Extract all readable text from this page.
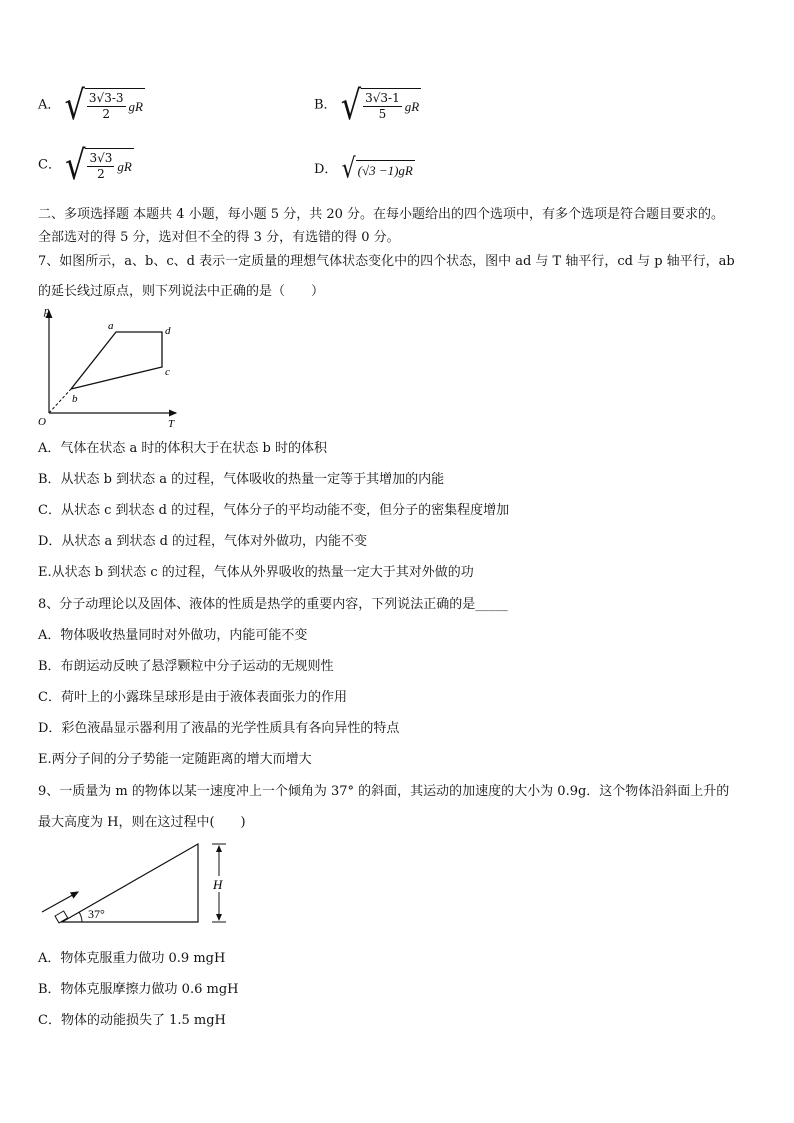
A． √ $\frac{3√3-3}{2}$ gR	B． √ $\frac{3√3-1}{5}$ gR
C． √ $\frac{3√3}{2}$ gR	D． √ (√3 −1)gR
二、多项选择题 本题共 4 小题，每小题 5 分，共 20 分。在每小题给出的四个选项中，有多个选项是符合题目要求的。
全部选对的得 5 分，选对但不全的得 3 分，有选错的得 0 分。
7、如图所示，a、b、c、d 表示一定质量的理想气体状态变化中的四个状态，图中 ad 与 T 轴平行，cd 与 p 轴平行，ab
的延长线过原点，则下列说法中正确的是（　　）
p
T
O
a	d
c
b
A．气体在状态 a 时的体积大于在状态 b 时的体积
B．从状态 b 到状态 a 的过程，气体吸收的热量一定等于其增加的内能
C．从状态 c 到状态 d 的过程，气体分子的平均动能不变，但分子的密集程度增加
D．从状态 a 到状态 d 的过程，气体对外做功，内能不变
E.从状态 b 到状态 c 的过程，气体从外界吸收的热量一定大于其对外做的功
8、分子动理论以及固体、液体的性质是热学的重要内容，下列说法正确的是_____
A．物体吸收热量同时对外做功，内能可能不变
B．布朗运动反映了悬浮颗粒中分子运动的无规则性
C．荷叶上的小露珠呈球形是由于液体表面张力的作用
D．彩色液晶显示器利用了液晶的光学性质具有各向异性的特点
E.两分子间的分子势能一定随距离的增大而增大
9、一质量为 m 的物体以某一速度冲上一个倾角为 37° 的斜面，其运动的加速度的大小为 0.9g．这个物体沿斜面上升的
最大高度为 H，则在这过程中(　　)
37°
H
A．物体克服重力做功 0.9 mgH
B．物体克服摩擦力做功 0.6 mgH
C．物体的动能损失了 1.5 mgH
